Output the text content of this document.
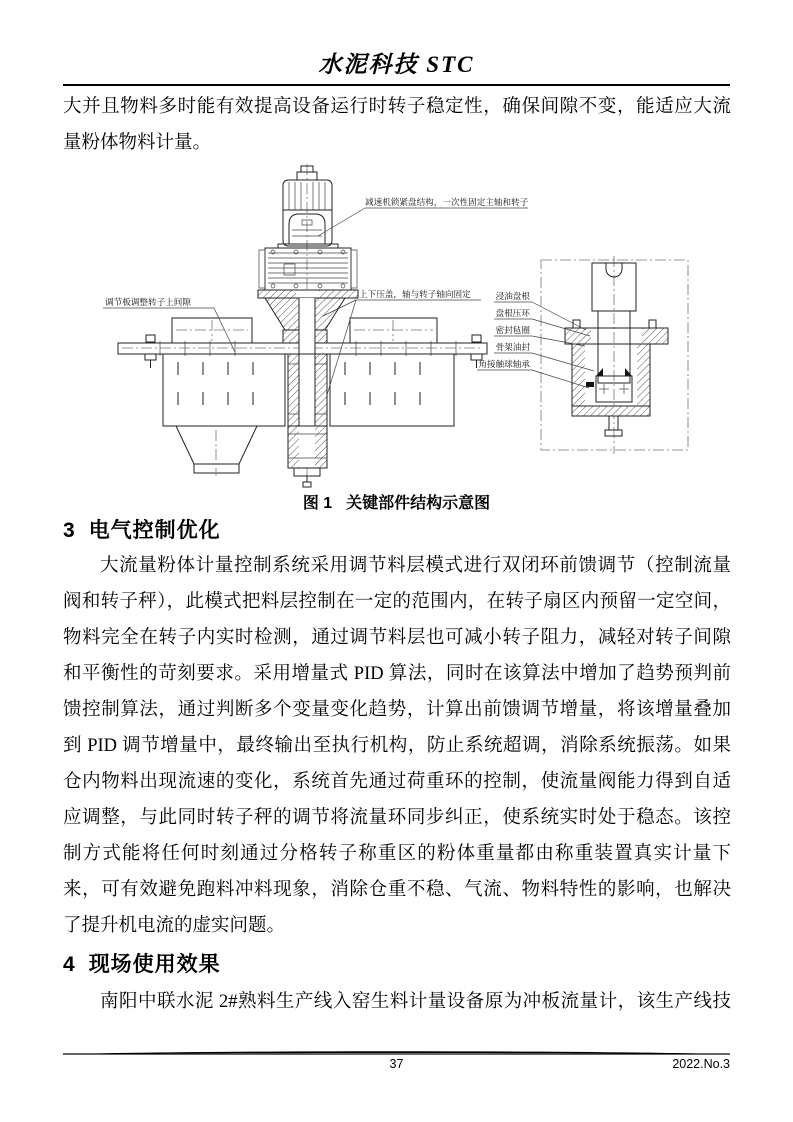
水泥科技 STC
大并且物料多时能有效提高设备运行时转子稳定性，确保间隙不变，能适应大流
量粉体物料计量。
减速机锁紧盘结构，一次性固定主轴和转子
调节板调整转子上间隙
上下压盖，轴与转子轴向固定	浸油盘根
盘根压环
密封毡圈
骨架油封
角接触球轴承
图 1 关键部件结构示意图
3 电气控制优化
大流量粉体计量控制系统采用调节料层模式进行双闭环前馈调节（控制流量
阀和转子秤），此模式把料层控制在一定的范围内，在转子扇区内预留一定空间，
物料完全在转子内实时检测，通过调节料层也可减小转子阻力，减轻对转子间隙
和平衡性的苛刻要求。采用增量式 PID 算法，同时在该算法中增加了趋势预判前
馈控制算法，通过判断多个变量变化趋势，计算出前馈调节增量，将该增量叠加
到 PID 调节增量中，最终输出至执行机构，防止系统超调，消除系统振荡。如果
仓内物料出现流速的变化，系统首先通过荷重环的控制，使流量阀能力得到自适
应调整，与此同时转子秤的调节将流量环同步纠正，使系统实时处于稳态。该控
制方式能将任何时刻通过分格转子称重区的粉体重量都由称重装置真实计量下
来，可有效避免跑料冲料现象，消除仓重不稳、气流、物料特性的影响，也解决
了提升机电流的虚实问题。
4 现场使用效果
南阳中联水泥 2#熟料生产线入窑生料计量设备原为冲板流量计，该生产线技
37	2022.No.3
